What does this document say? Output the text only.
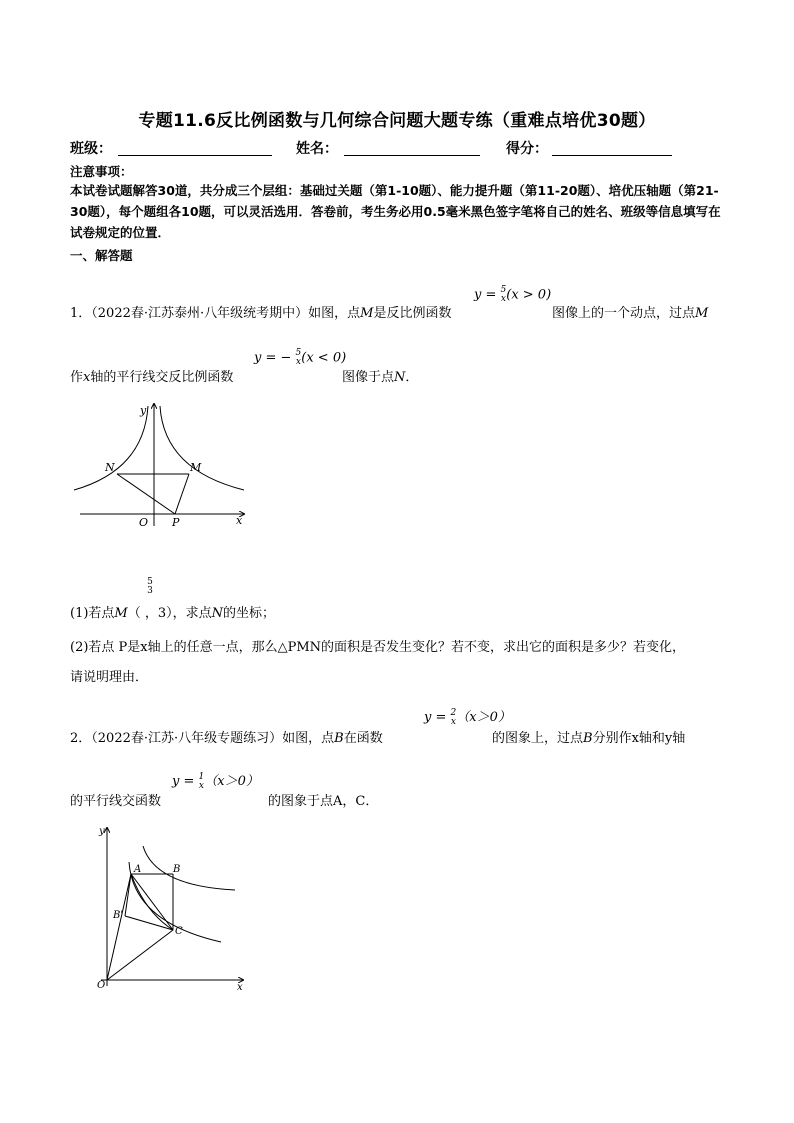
专题11.6反比例函数与几何综合问题大题专练（重难点培优30题）
班级：	姓名：	得分：
注意事项：
本试卷试题解答30道，共分成三个层组：基础过关题（第1-10题）、能力提升题（第11-20题）、培优压轴题（第21-30题），每个题组各10题，可以灵活选用．答卷前，考生务必用0.5毫米黑色签字笔将自己的姓名、班级等信息填写在试卷规定的位置．
一、解答题
1．（2022春·江苏泰州·八年级统考期中）如图，点M是反比例函数
y = 5
x(x > 0)
图像上的一个动点，过点M
作x轴的平行线交反比例函数
y = − 5
x(x < 0)
图像于点N．
y
x
N	M
O P
(1)若点M（ ，3），求点N的坐标；
5
3
(2)若点 P是x轴上的任意一点，那么△PMN的面积是否发生变化？若不变，求出它的面积是多少？若变化，
请说明理由．
2．（2022春·江苏·八年级专题练习）如图，点B在函数
y = 2
x（x＞0）
的图象上，过点B分别作x轴和y轴
的平行线交函数
y = 1
x（x＞0）
的图象于点A，C．
y
x
A	B
B'
C
O
